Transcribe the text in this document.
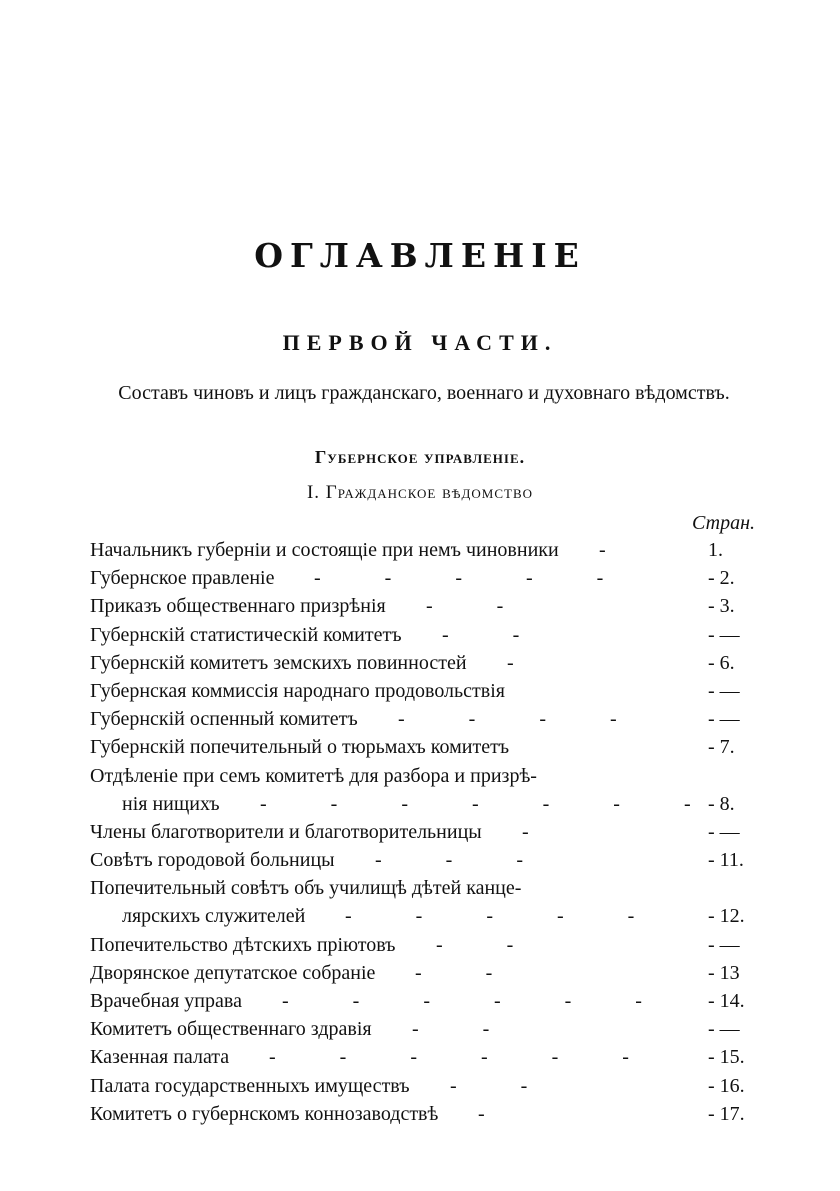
ОГЛАВЛЕНІЕ
ПЕРВОЙ ЧАСТИ.
Составъ чиновъ и лицъ гражданскаго, военнаго и духовнаго вѣдомствъ.
Губернское управленіе.
I. Гражданское вѣдомство
Стран.
Начальникъ губерніи и состоящіе при немъ чиновники -	1.
Губернское правленіе -  -  -  -  -	- 2.
Приказъ общественнаго призрѣнія -  -	- 3.
Губернскій статистическій комитетъ -  -	- —
Губернскій комитетъ земскихъ повинностей -	- 6.
Губернская коммиссія народнаго продовольствія	- —
Губернскій оспенный комитетъ -  -  -  -	- —
Губернскій попечительный о тюрьмахъ комитетъ	- 7.
Отдѣленіе при семъ комитетѣ для разбора и призрѣ-
нія нищихъ -  -  -  -  -  -  - - 8.
Члены благотворители и благотворительницы -	- —
Совѣтъ городовой больницы -  -  -	- 11.
Попечительный совѣтъ объ училищѣ дѣтей канце-
лярскихъ служителей -  -  -  -  -	- 12.
Попечительство дѣтскихъ пріютовъ -  -	- —
Дворянское депутатское собраніе -  -	- 13
Врачебная управа -  -  -  -  -  - - 14.
Комитетъ общественнаго здравія -  -	- —
Казенная палата -  -  -  -  -  -	- 15.
Палата государственныхъ имуществъ -  -	- 16.
Комитетъ о губернскомъ коннозаводствѣ -	- 17.
